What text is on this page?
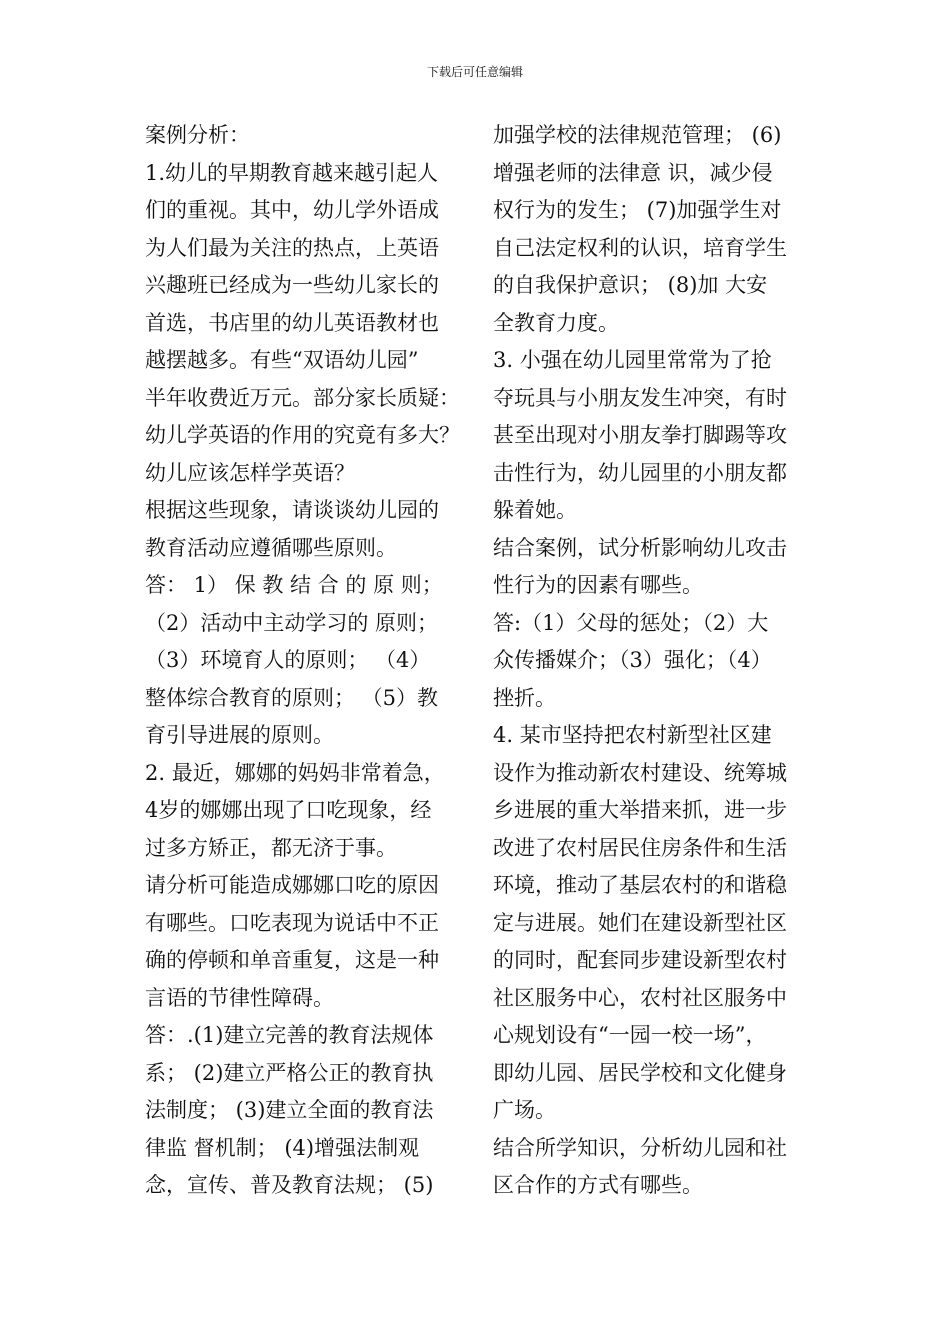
下载后可任意编辑
案例分析：
1.幼儿的早期教育越来越引起人
们的重视。其中，幼儿学外语成
为人们最为关注的热点，上英语
兴趣班已经成为一些幼儿家长的
首选，书店里的幼儿英语教材也
越摆越多。有些“双语幼儿园”
半年收费近万元。部分家长质疑：
幼儿学英语的作用的究竟有多大？
幼儿应该怎样学英语？
根据这些现象，请谈谈幼儿园的
教育活动应遵循哪些原则。
答： 1） 保 教 结 合 的 原 则；
（2）活动中主动学习的 原则；
（3）环境育人的原则； （4）
整体综合教育的原则； （5）教
育引导进展的原则。
2. 最近，娜娜的妈妈非常着急，
4岁的娜娜出现了口吃现象，经
过多方矫正，都无济于事。
请分析可能造成娜娜口吃的原因
有哪些。口吃表现为说话中不正
确的停顿和单音重复，这是一种
言语的节律性障碍。
答：.(1)建立完善的教育法规体
系； (2)建立严格公正的教育执
法制度； (3)建立全面的教育法
律监 督机制； (4)增强法制观
念，宣传、普及教育法规； (5)
加强学校的法律规范管理； (6)
增强老师的法律意 识，减少侵
权行为的发生； (7)加强学生对
自己法定权利的认识，培育学生
的自我保护意识； (8)加 大安
全教育力度。
3. 小强在幼儿园里常常为了抢
夺玩具与小朋友发生冲突，有时
甚至出现对小朋友拳打脚踢等攻
击性行为，幼儿园里的小朋友都
躲着她。
结合案例，试分析影响幼儿攻击
性行为的因素有哪些。
答:（1）父母的惩处；（2）大
众传播媒介；（3）强化；（4）
挫折。
4. 某市坚持把农村新型社区建
设作为推动新农村建设、统筹城
乡进展的重大举措来抓，进一步
改进了农村居民住房条件和生活
环境，推动了基层农村的和谐稳
定与进展。她们在建设新型社区
的同时，配套同步建设新型农村
社区服务中心，农村社区服务中
心规划设有“一园一校一场”，
即幼儿园、居民学校和文化健身
广场。
结合所学知识，分析幼儿园和社
区合作的方式有哪些。
